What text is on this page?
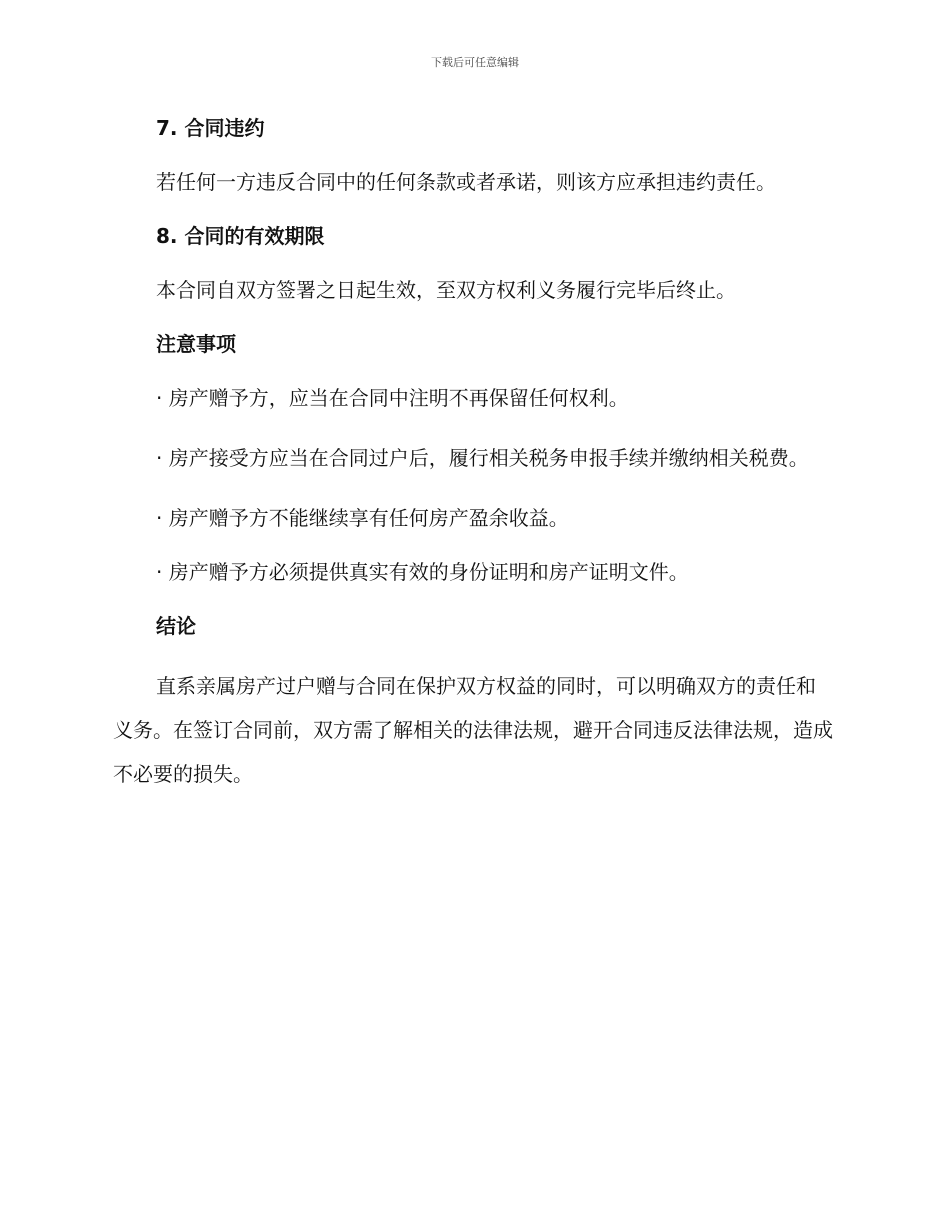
下载后可任意编辑

7. 合同违约

若任何一方违反合同中的任何条款或者承诺，则该方应承担违约责任。

8. 合同的有效期限

本合同自双方签署之日起生效，至双方权利义务履行完毕后终止。

注意事项

· 房产赠予方，应当在合同中注明不再保留任何权利。

· 房产接受方应当在合同过户后，履行相关税务申报手续并缴纳相关税费。

· 房产赠予方不能继续享有任何房产盈余收益。

· 房产赠予方必须提供真实有效的身份证明和房产证明文件。

结论

直系亲属房产过户赠与合同在保护双方权益的同时，可以明确双方的责任和义务。在签订合同前，双方需了解相关的法律法规，避开合同违反法律法规，造成不必要的损失。
